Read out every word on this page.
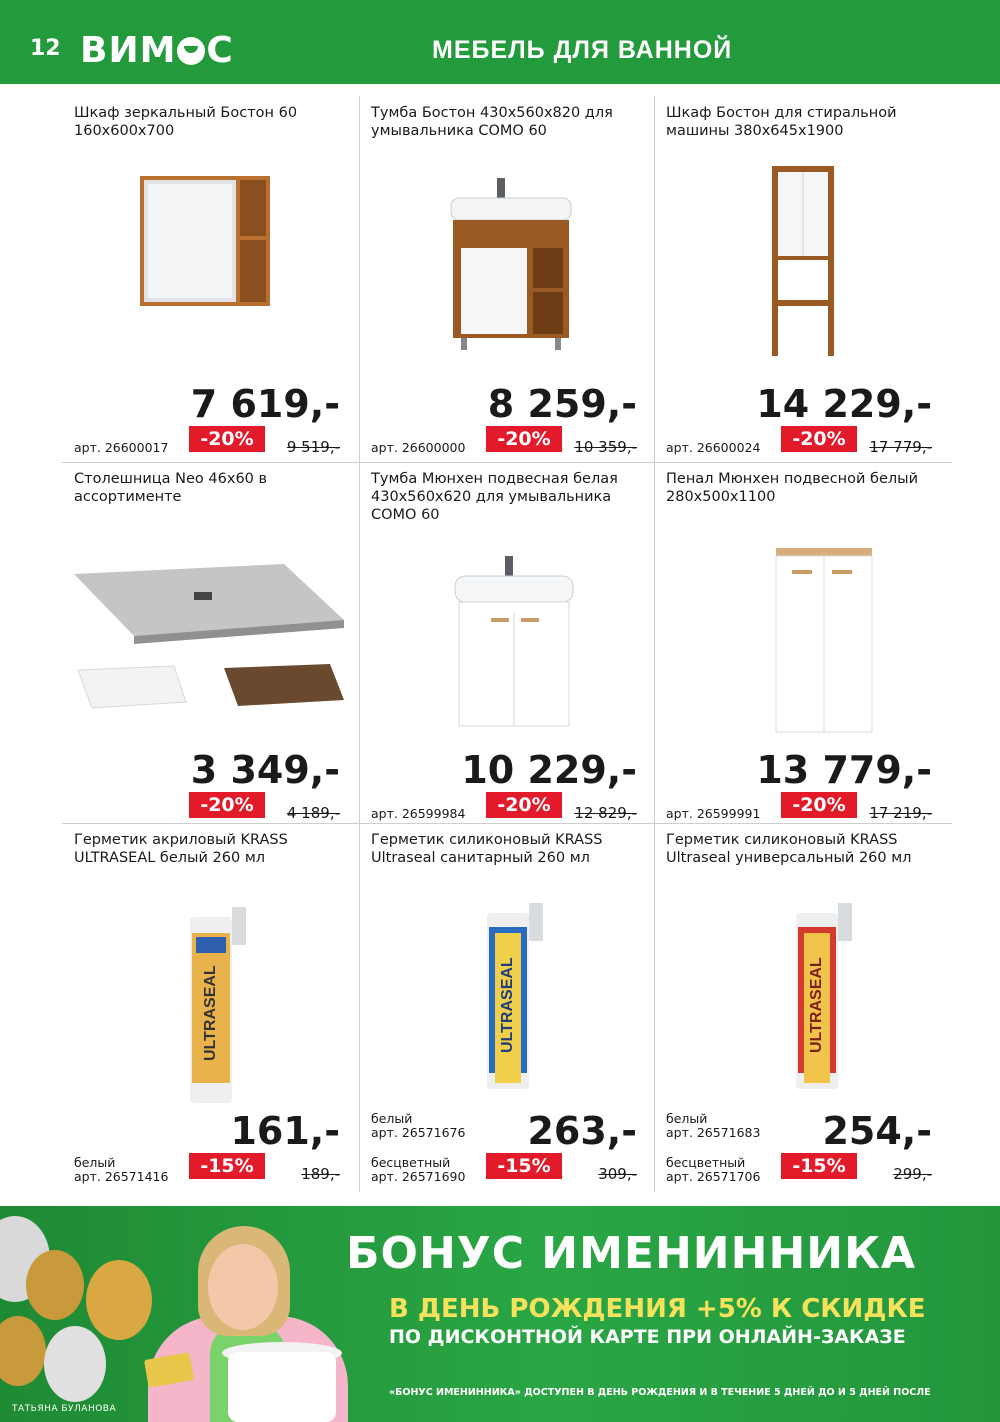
12 ВИМ С	МЕБЕЛЬ ДЛЯ ВАННОЙ
Шкаф зеркальный Бостон 60 160x600x700
7 619,-
арт. 26600017	-20%	9 519,-
Тумба Бостон 430x560x820 для умывальника COMO 60
8 259,-
арт. 26600000	-20%	10 359,-
Шкаф Бостон для стиральной машины 380x645x1900
14 229,-
арт. 26600024	-20%	17 779,-
Столешница Neo 46x60 в ассортименте
3 349,-
-20%	4 189,-
Тумба Мюнхен подвесная белая 430x560x620 для умывальника COMO 60
10 229,-
арт. 26599984	-20%	12 829,-
Пенал Мюнхен подвесной белый 280x500x1100
13 779,-
арт. 26599991	-20%	17 219,-
Герметик акриловый KRASS ULTRASEAL белый 260 мл
ULTRASEAL
161,-
белый
арт. 26571416	-15%	189,-
Герметик силиконовый KRASS Ultraseal санитарный 260 мл
ULTRASEAL
263,-
белый
арт. 26571676
бесцветный
арт. 26571690	-15%	309,-
Герметик силиконовый KRASS Ultraseal универсальный 260 мл
ULTRASEAL
254,-
белый
арт. 26571683
бесцветный
арт. 26571706	-15%	299,-
ТАТЬЯНА БУЛАНОВА
БОНУС ИМЕНИННИКА
В ДЕНЬ РОЖДЕНИЯ +5% К СКИДКЕ
ПО ДИСКОНТНОЙ КАРТЕ ПРИ ОНЛАЙН-ЗАКАЗЕ
«БОНУС ИМЕНИННИКА» ДОСТУПЕН В ДЕНЬ РОЖДЕНИЯ И В ТЕЧЕНИЕ 5 ДНЕЙ ДО И 5 ДНЕЙ ПОСЛЕ
